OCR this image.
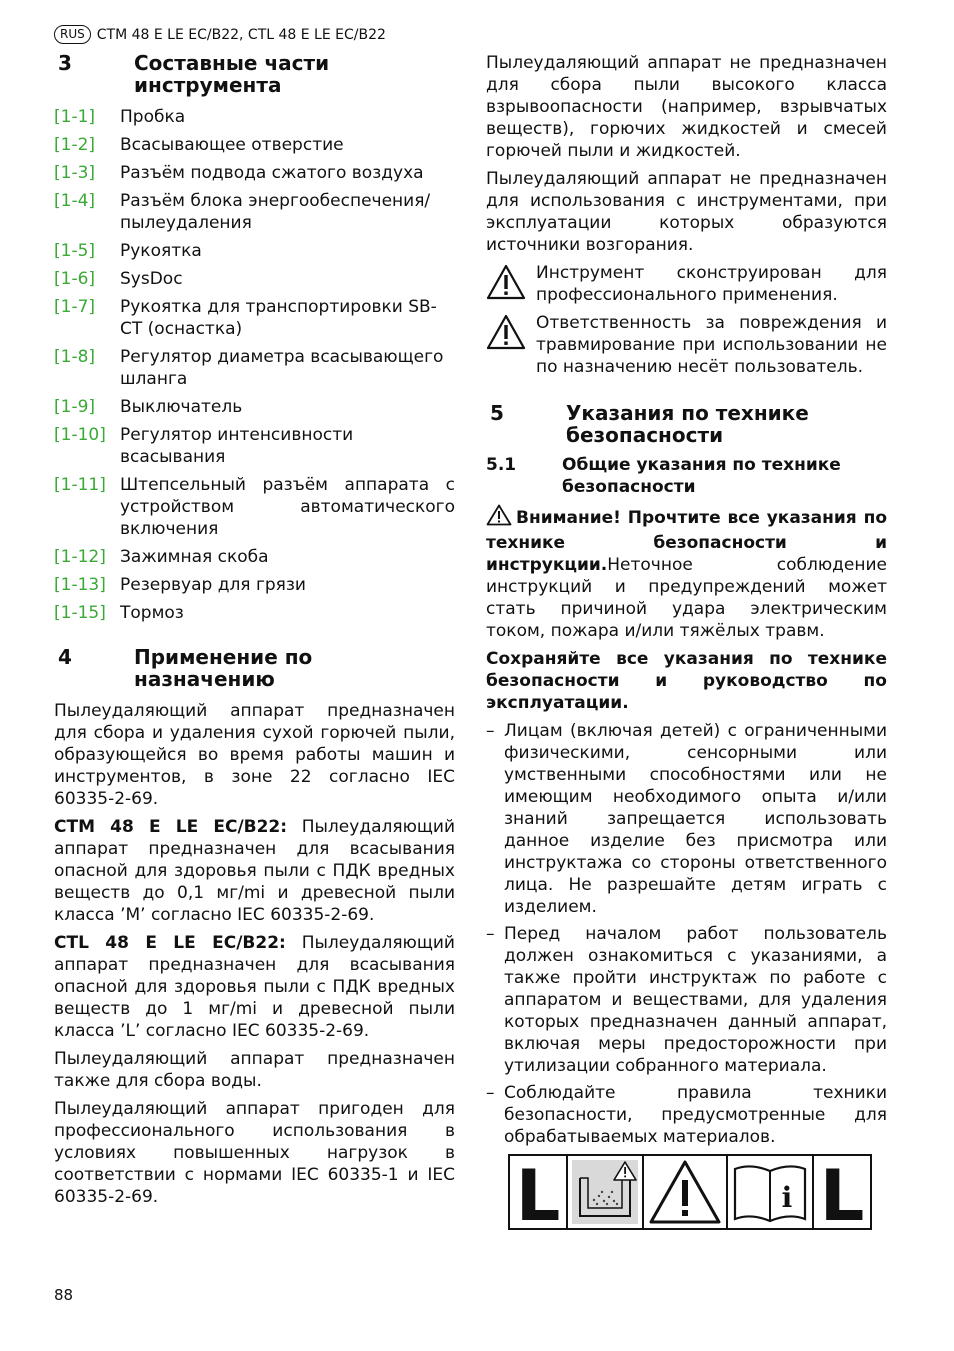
RUS CTM 48 E LE EC/B22, CTL 48 E LE EC/B22
3	Составные части инструмента
[1-1]	Пробка
[1-2]	Всасывающее отверстие
[1-3]	Разъём подвода сжатого воздуха
[1-4]	Разъём блока энергообеспечения/ пылеудаления
[1-5]	Рукоятка
[1-6]	SysDoc
[1-7]	Рукоятка для транспортировки SB-CT (оснастка)
[1-8]	Регулятор диаметра всасывающего шланга
[1-9]	Выключатель
[1-10] Регулятор интенсивности всасывания
[1-11] Штепсельный разъём аппарата с устройством автоматического включения
[1-12] Зажимная скоба
[1-13] Резервуар для грязи
[1-15] Тормоз
4	Применение по назначению

Пылеудаляющий аппарат предназначен для сбора и удаления сухой горючей пыли, образующейся во время работы машин и инструментов, в зоне 22 согласно IEC 60335-2-69.

CTM 48 E LE EC/B22: Пылеудаляющий аппарат предназначен для всасывания опасной для здоровья пыли с ПДК вредных веществ до 0,1 мг/mі и древесной пыли класса ’M’ согласно IEC 60335-2-69.

CTL 48 E LE EC/B22: Пылеудаляющий аппарат предназначен для всасывания опасной для здоровья пыли с ПДК вредных веществ до 1 мг/mі и древесной пыли класса ’L’ согласно IEC 60335-2-69.

Пылеудаляющий аппарат предназначен также для сбора воды.

Пылеудаляющий аппарат пригоден для профессионального использования в условиях повышенных нагрузок в соответствии с нормами IEC 60335-1 и IEC 60335-2-69.

Пылеудаляющий аппарат не предназначен для сбора пыли высокого класса взрывоопасности (например, взрывчатых веществ), горючих жидкостей и смесей горючей пыли и жидкостей.

Пылеудаляющий аппарат не предназначен для использования с инструментами, при эксплуатации которых образуются источники возгорания.

Инструмент сконструирован для профессионального применения.

Ответственность за повреждения и травмирование при использовании не по назначению несёт пользователь.

5	Указания по технике безопасности
5.1	Общие указания по технике безопасности

Внимание! Прочтите все указания по технике безопасности и инструкции.Неточное соблюдение инструкций и предупреждений может стать причиной удара электрическим током, пожара и/или тяжёлых травм.

Сохраняйте все указания по технике безопасности и руководство по эксплуатации.

– Лицам (включая детей) с ограниченными физическими, сенсорными или умственными способностями или не имеющим необходимого опыта и/или знаний запрещается использовать данное изделие без присмотра или инструктажа со стороны ответственного лица. Не разрешайте детям играть с изделием.
– Перед началом работ пользователь должен ознакомиться с указаниями, а также пройти инструктаж по работе с аппаратом и веществами, для удаления которых предназначен данный аппарат, включая меры предосторожности при утилизации собранного материала.
– Соблюдайте правила техники безопасности, предусмотренные для обрабатываемых материалов.
L	i L
88
